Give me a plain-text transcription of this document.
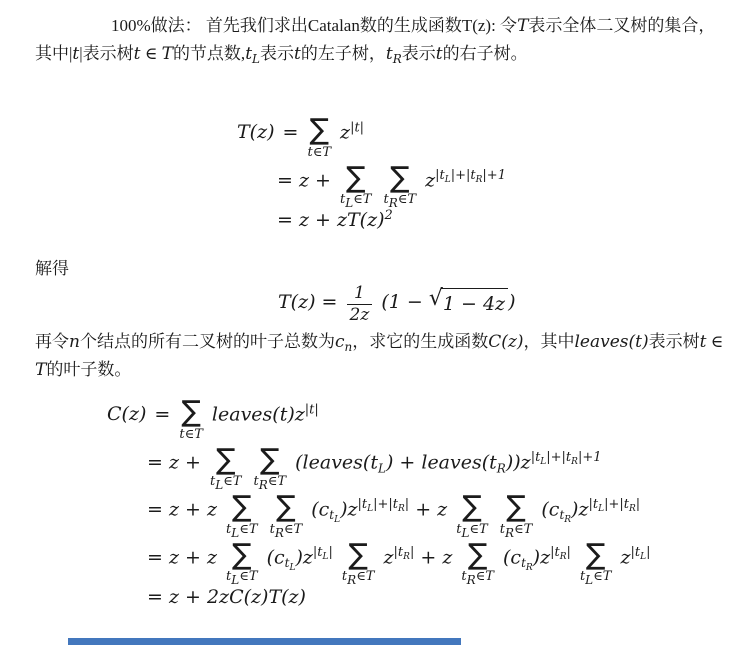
100%做法： 首先我们求出Catalan数的生成函数T(z): 令T表示全体二叉树的集合，其中|t|表示树t ∈ T的节点数$,t_L$表示t的左子树，$t_R$表示t的右子树。
T(z) = ∑
t∈T
$z^{|t|}$
= z + ∑
$t_L\in T$

∑
$t_R\in T$
$z^{|t_L|+|t_R|+1}$
= $z + zT(z)^2$
解得
$T(z) = \frac{1}{2z} (1$ − √ 1 − 4z )
再令n个结点的所有二叉树的叶子总数为$c_n$，求它的生成函数C(z)，其中leaves(t)表示树t ∈ T的叶子数。
C(z) = ∑
t∈T
$leaves(t)z^{|t|}$
= z + ∑
$t_L\in T$

∑
$t_R\in T$
($leaves(t_L)$ + $leaves(t_R))z^{|t_L|+|t_R|+1}$
= z + z ∑
$t_L\in T$

∑
$t_R\in T$
$(c_{t_L})z^{|t_L|+|t_R|} + z$ ∑
$t_L\in T$

∑
$t_R\in T$
$(c_{t_R})z^{|t_L|+|t_R|}$
= z + z ∑
$t_L\in T$
$(c_{t_L})z^{|t_L|}$ ∑
$t_R\in T$
$z^{|t_R|} + z$ ∑
$t_R\in T$
$(c_{t_R})z^{|t_R|}$ ∑
$t_L\in T$
$z^{|t_L|}$
= z + 2zC(z)T(z)
